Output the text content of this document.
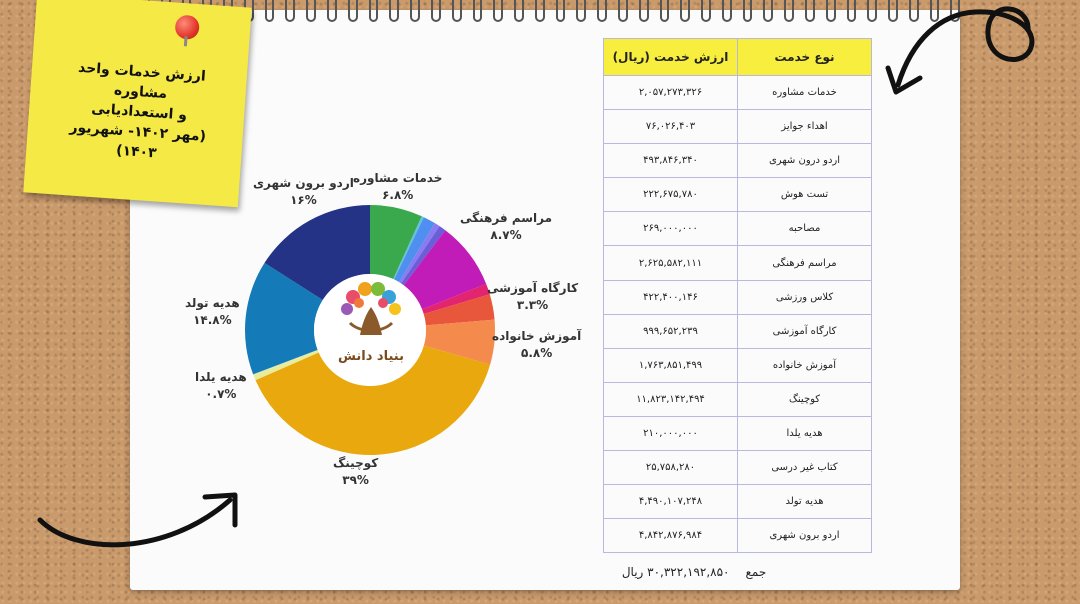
ارزش خدمات واحد مشاوره
و استعدادیابی
(مهر ۱۴۰۲- شهریور ۱۴۰۳)
بنیاد دانش
خدمات مشاوره
۶.۸%
مراسم فرهنگی
۸.۷%
کارگاه آموزشی
۳.۳%
آموزش خانواده
۵.۸%
کوچینگ
۳۹%
هدیه یلدا
۰.۷%
هدیه تولد
۱۴.۸%
اردو برون شهری
۱۶%
نوع خدمت	ارزش خدمت (ریال)
خدمات مشاوره	۲,۰۵۷,۲۷۳,۳۲۶
اهداء جوایز	۷۶,۰۲۶,۴۰۳
اردو درون شهری	۴۹۳,۸۴۶,۳۴۰
تست هوش	۲۲۲,۶۷۵,۷۸۰
مصاحبه	۲۶۹,۰۰۰,۰۰۰
مراسم فرهنگی	۲,۶۲۵,۵۸۲,۱۱۱
کلاس ورزشی	۴۲۲,۴۰۰,۱۴۶
کارگاه آموزشی	۹۹۹,۶۵۲,۲۳۹
آموزش خانواده	۱,۷۶۳,۸۵۱,۴۹۹
کوچینگ	۱۱,۸۲۳,۱۴۲,۴۹۴
هدیه یلدا	۲۱۰,۰۰۰,۰۰۰
کتاب غیر درسی	۲۵,۷۵۸,۲۸۰
هدیه تولد	۴,۴۹۰,۱۰۷,۲۴۸
اردو برون شهری	۴,۸۴۲,۸۷۶,۹۸۴
جمع	۳۰,۳۲۲,۱۹۲,۸۵۰ ریال
